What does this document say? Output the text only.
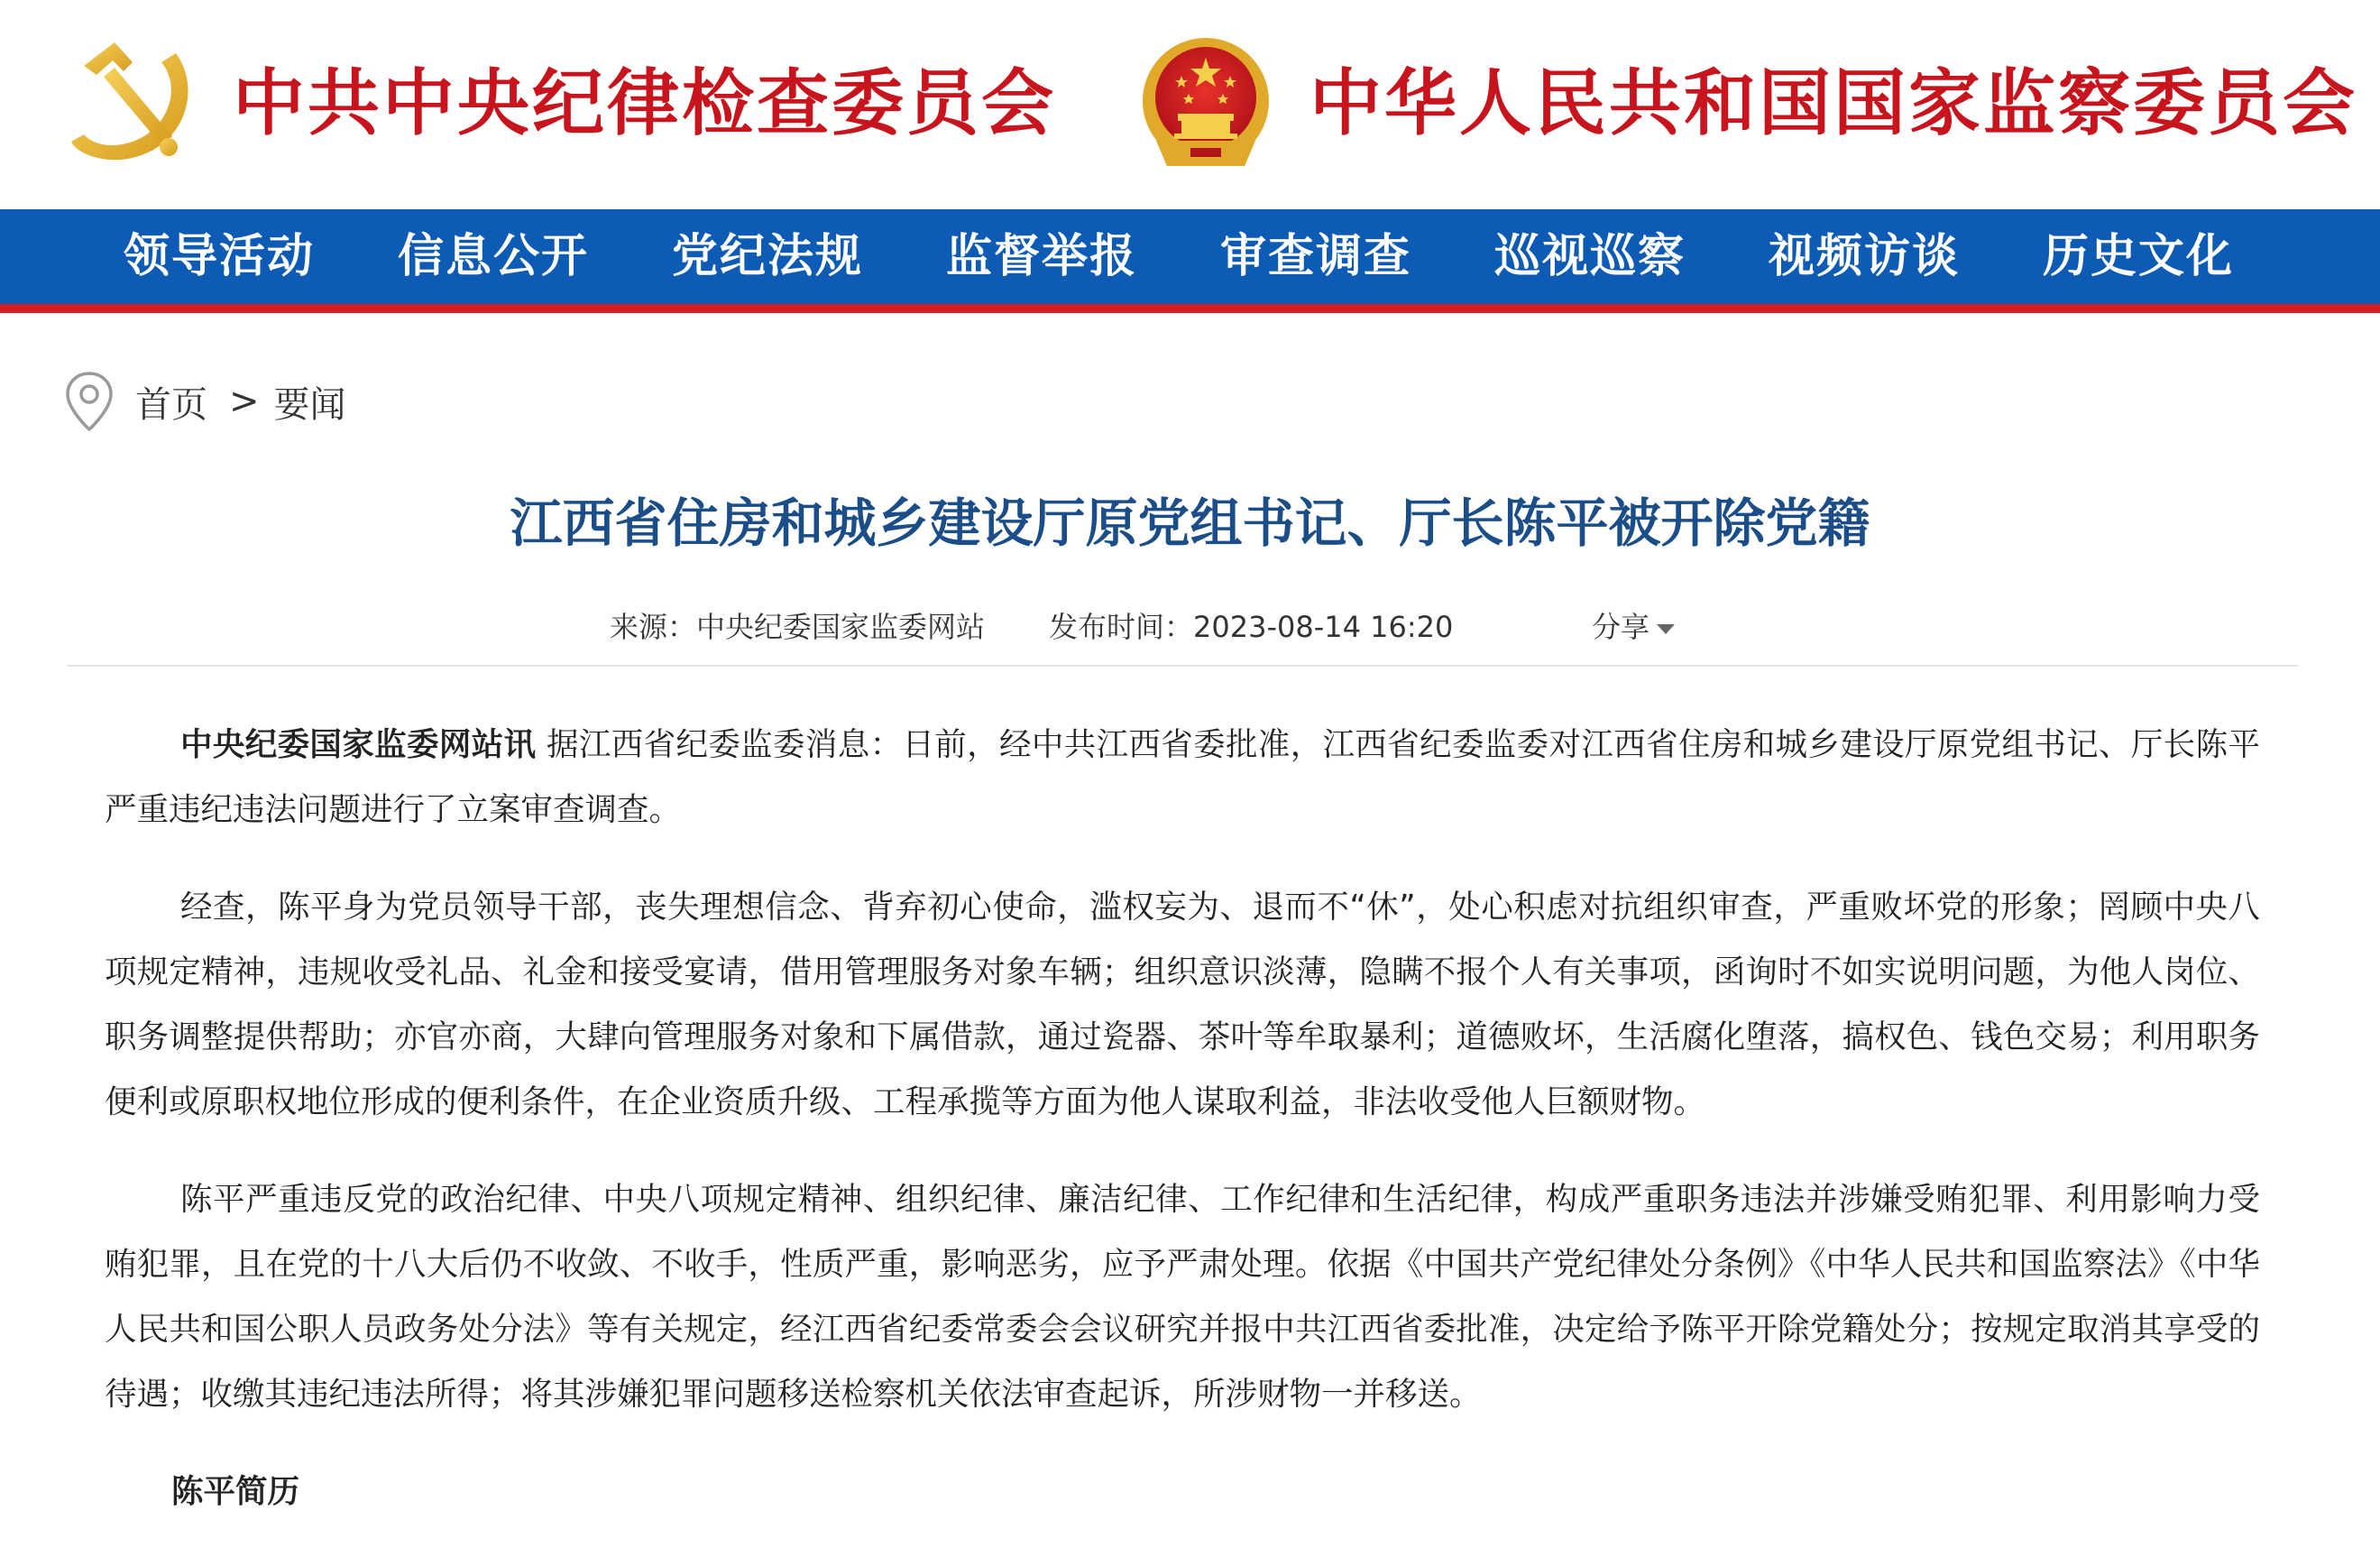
中共中央纪律检查委员会	中华人民共和国国家监察委员会
领导活动 信息公开 党纪法规 监督举报 审查调查 巡视巡察 视频访谈 历史文化
首页 > 要闻
江西省住房和城乡建设厅原党组书记、厅长陈平被开除党籍
来源：中央纪委国家监委网站 发布时间：2023-08-14 16:20	分享

中央纪委国家监委网站讯 据江西省纪委监委消息：日前，经中共江西省委批准，江西省纪委监委对江西省住房和城乡建设厅原党组书记、厅长陈平严重违纪违法问题进行了立案审查调查。

经查，陈平身为党员领导干部，丧失理想信念、背弃初心使命，滥权妄为、退而不“休”，处心积虑对抗组织审查，严重败坏党的形象；罔顾中央八项规定精神，违规收受礼品、礼金和接受宴请，借用管理服务对象车辆；组织意识淡薄，隐瞒不报个人有关事项，函询时不如实说明问题，为他人岗位、职务调整提供帮助；亦官亦商，大肆向管理服务对象和下属借款，通过瓷器、茶叶等牟取暴利；道德败坏，生活腐化堕落，搞权色、钱色交易；利用职务便利或原职权地位形成的便利条件，在企业资质升级、工程承揽等方面为他人谋取利益，非法收受他人巨额财物。

陈平严重违反党的政治纪律、中央八项规定精神、组织纪律、廉洁纪律、工作纪律和生活纪律，构成严重职务违法并涉嫌受贿犯罪、利用影响力受贿犯罪，且在党的十八大后仍不收敛、不收手，性质严重，影响恶劣，应予严肃处理。依据《中国共产党纪律处分条例》《中华人民共和国监察法》《中华人民共和国公职人员政务处分法》等有关规定，经江西省纪委常委会会议研究并报中共江西省委批准，决定给予陈平开除党籍处分；按规定取消其享受的待遇；收缴其违纪违法所得；将其涉嫌犯罪问题移送检察机关依法审查起诉，所涉财物一并移送。

陈平简历
